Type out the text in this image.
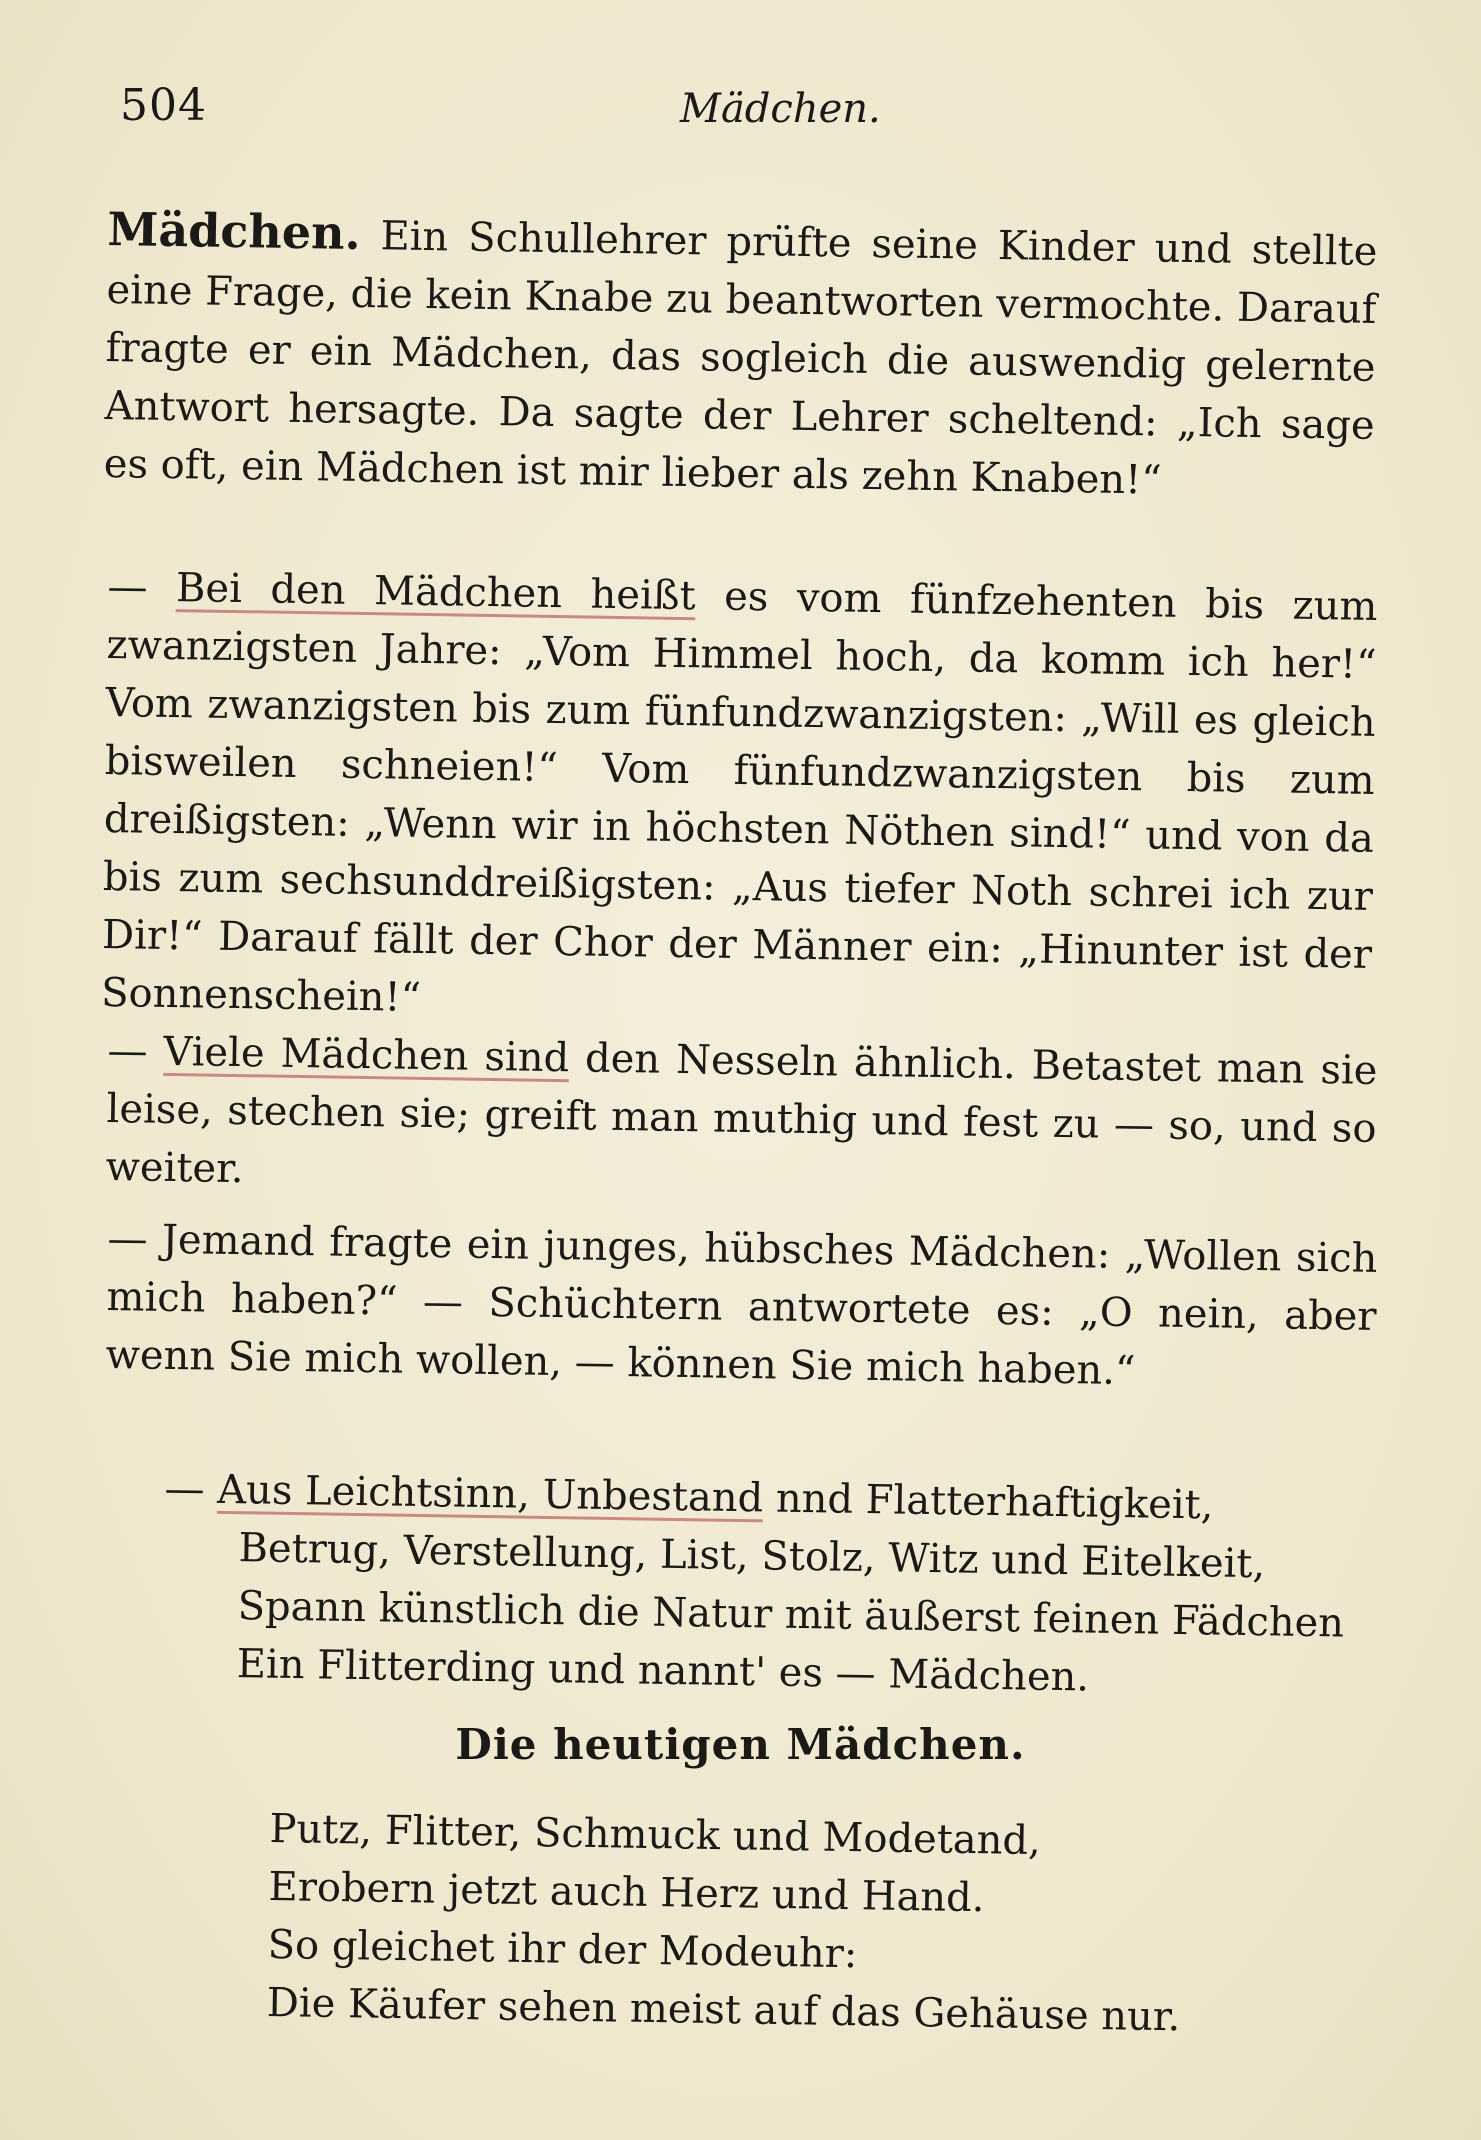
504	Mädchen.

Mädchen. Ein Schullehrer prüfte seine Kinder und stellte eine Frage, die kein Knabe zu beantworten vermochte. Darauf fragte er ein Mädchen, das sogleich die auswendig gelernte Antwort hersagte. Da sagte der Lehrer scheltend: „Ich sage es oft, ein Mädchen ist mir lieber als zehn Knaben!“

— Bei den Mädchen heißt es vom fünfzehenten bis zum zwanzigsten Jahre: „Vom Himmel hoch, da komm ich her!“ Vom zwanzigsten bis zum fünfundzwanzigsten: „Will es gleich bisweilen schneien!“ Vom fünfundzwanzigsten bis zum dreißigsten: „Wenn wir in höchsten Nöthen sind!“ und von da bis zum sechsunddreißigsten: „Aus tiefer Noth schrei ich zur Dir!“ Darauf fällt der Chor der Männer ein: „Hinunter ist der Sonnenschein!“

— Viele Mädchen sind den Nesseln ähnlich. Betastet man sie leise, stechen sie; greift man muthig und fest zu — so, und so weiter.

— Jemand fragte ein junges, hübsches Mädchen: „Wollen sich mich haben?“ — Schüchtern antwortete es: „O nein, aber wenn Sie mich wollen, — können Sie mich haben.“

— Aus Leichtsinn, Unbestand nnd Flatterhaftigkeit,
Betrug, Verstellung, List, Stolz, Witz und Eitelkeit,
Spann künstlich die Natur mit äußerst feinen Fädchen
Ein Flitterding und nannt' es — Mädchen.
Die heutigen Mädchen.
Putz, Flitter, Schmuck und Modetand,
Erobern jetzt auch Herz und Hand.
So gleichet ihr der Modeuhr:
Die Käufer sehen meist auf das Gehäuse nur.
